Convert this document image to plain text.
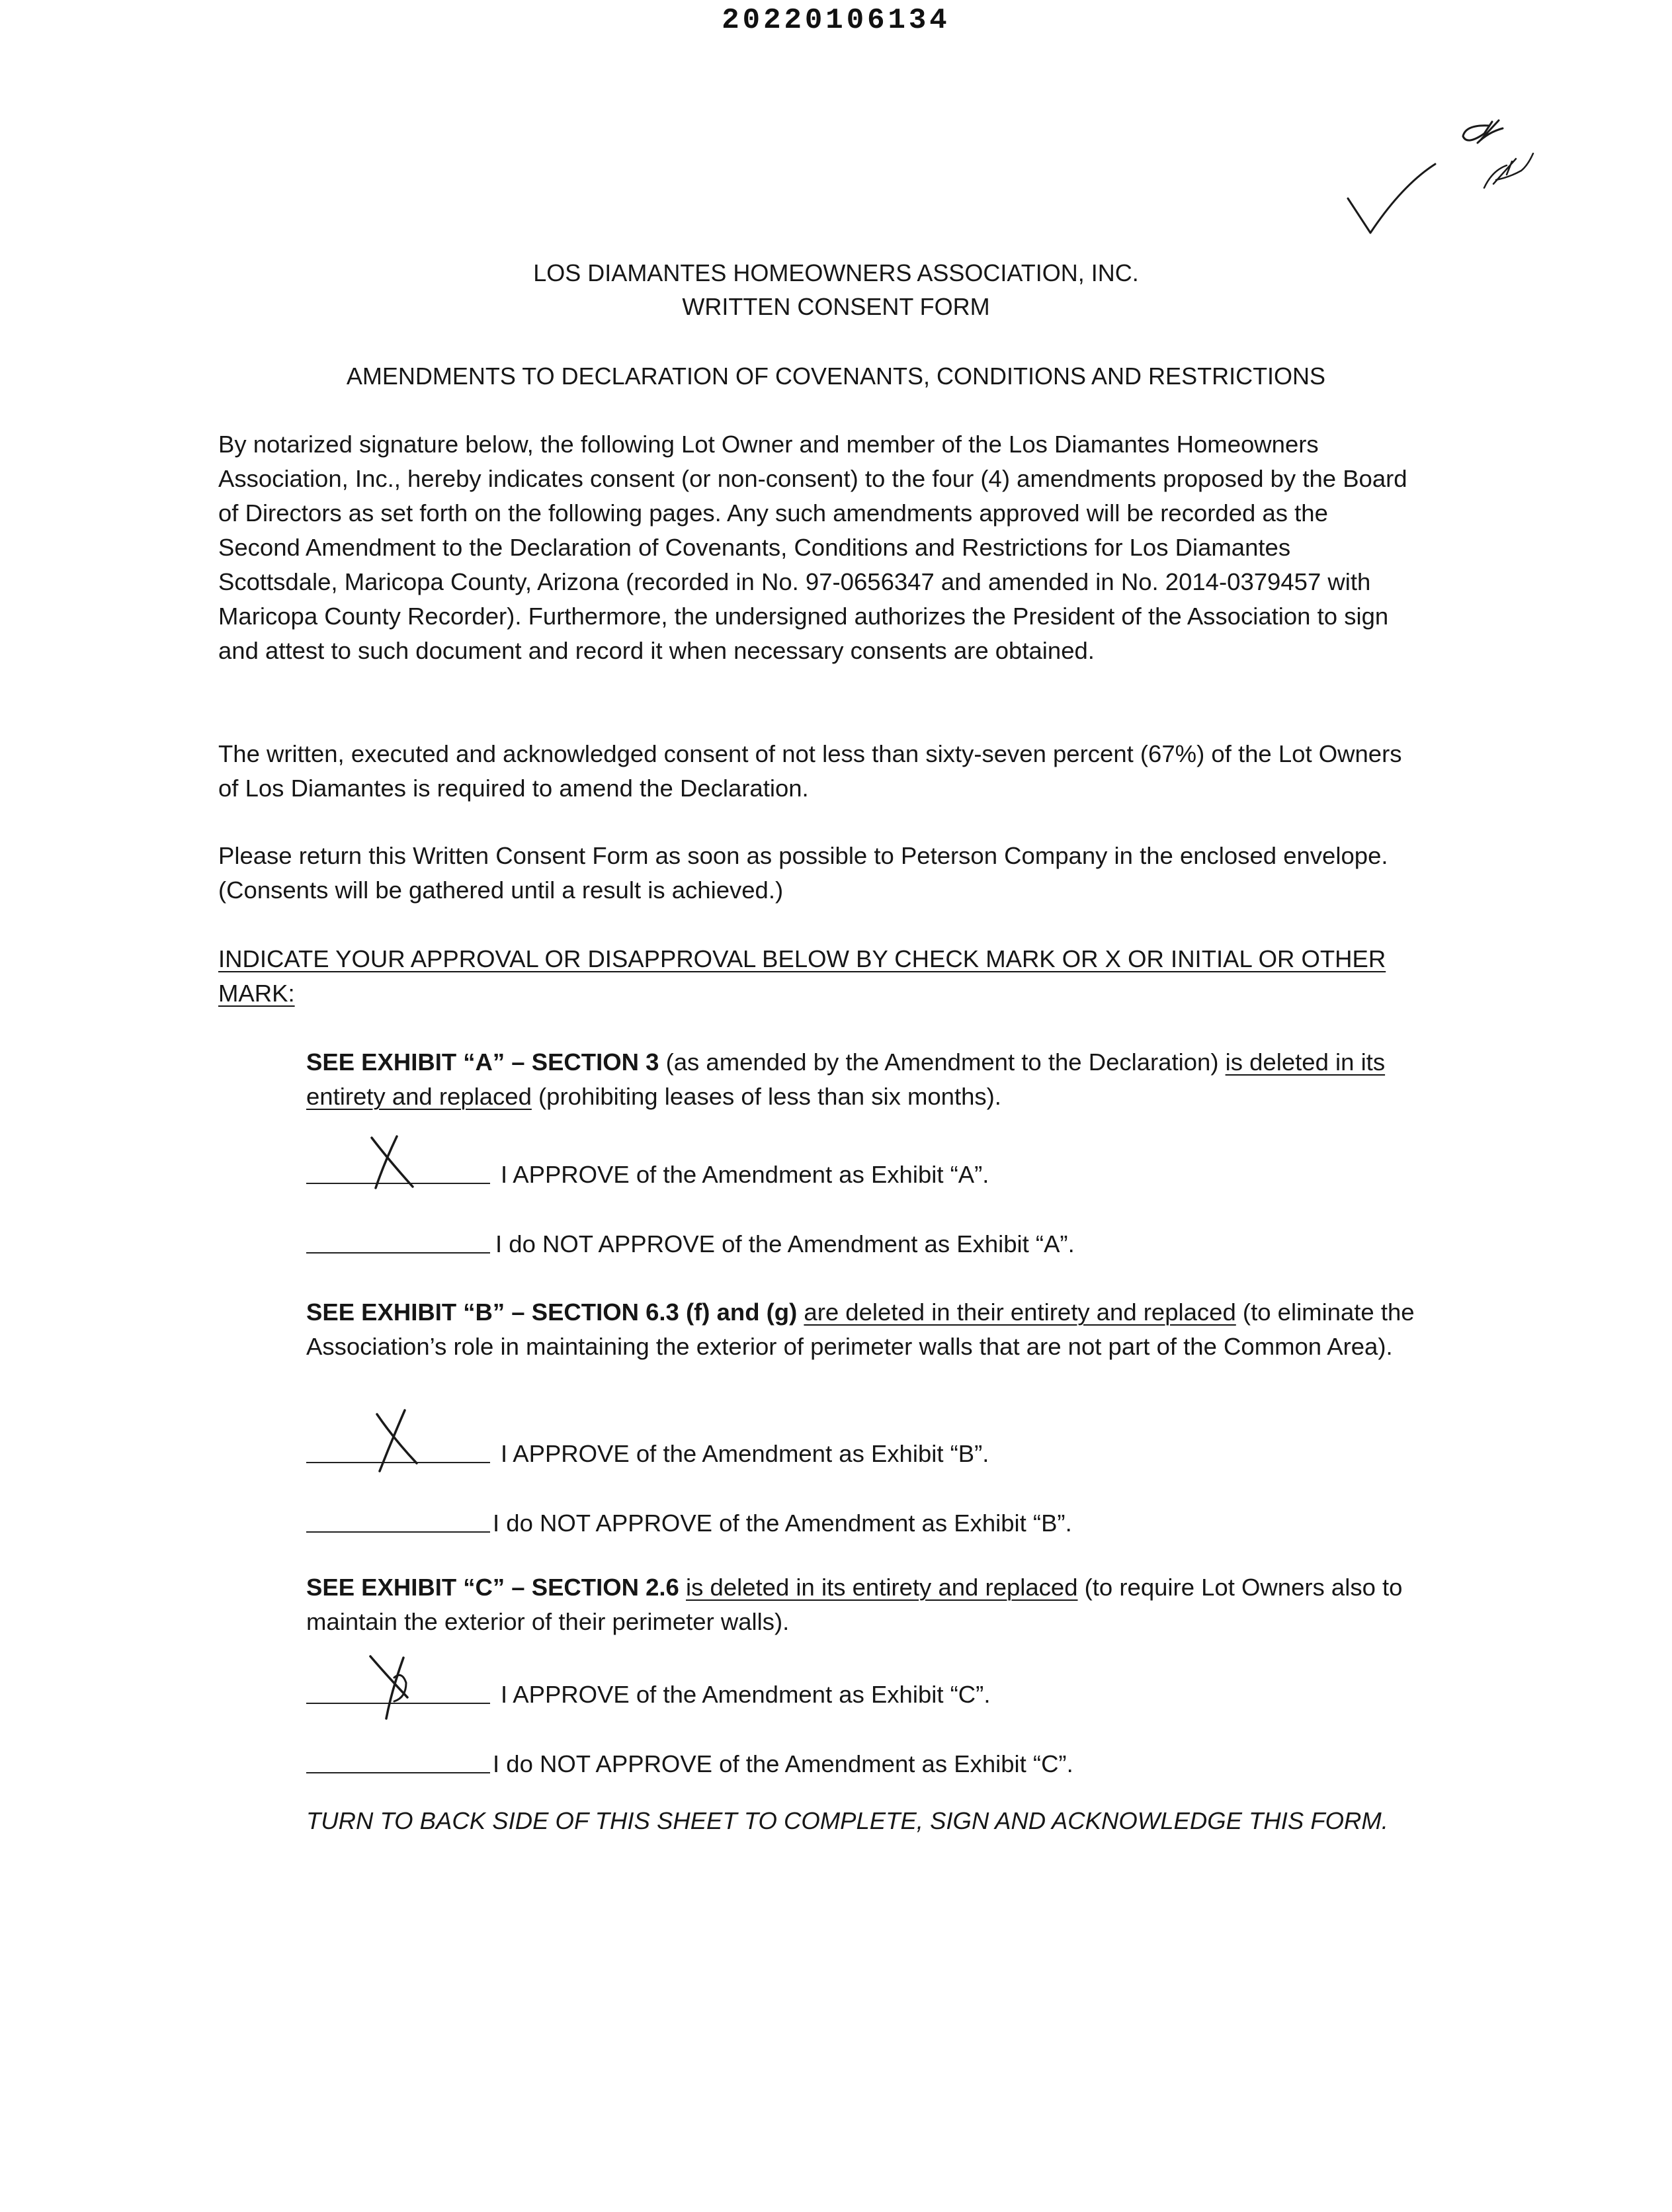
20220106134
LOS DIAMANTES HOMEOWNERS ASSOCIATION, INC.
WRITTEN CONSENT FORM
AMENDMENTS TO DECLARATION OF COVENANTS, CONDITIONS AND RESTRICTIONS
By notarized signature below, the following Lot Owner and member of the Los Diamantes Homeowners Association, Inc., hereby indicates consent (or non-consent) to the four (4) amendments proposed by the Board of Directors as set forth on the following pages. Any such amendments approved will be recorded as the Second Amendment to the Declaration of Covenants, Conditions and Restrictions for Los Diamantes Scottsdale, Maricopa County, Arizona (recorded in No. 97-0656347 and amended in No. 2014-0379457 with Maricopa County Recorder). Furthermore, the undersigned authorizes the President of the Association to sign and attest to such document and record it when necessary consents are obtained.
The written, executed and acknowledged consent of not less than sixty-seven percent (67%) of the Lot Owners of Los Diamantes is required to amend the Declaration.
Please return this Written Consent Form as soon as possible to Peterson Company in the enclosed envelope. (Consents will be gathered until a result is achieved.)
INDICATE YOUR APPROVAL OR DISAPPROVAL BELOW BY CHECK MARK OR X OR INITIAL OR OTHER MARK:
SEE EXHIBIT “A” – SECTION 3 (as amended by the Amendment to the Declaration) is deleted in its entirety and replaced (prohibiting leases of less than six months).
I APPROVE of the Amendment as Exhibit “A”.
I do NOT APPROVE of the Amendment as Exhibit “A”.
SEE EXHIBIT “B” – SECTION 6.3 (f) and (g) are deleted in their entirety and replaced (to eliminate the Association’s role in maintaining the exterior of perimeter walls that are not part of the Common Area).
I APPROVE of the Amendment as Exhibit “B”.
I do NOT APPROVE of the Amendment as Exhibit “B”.
SEE EXHIBIT “C” – SECTION 2.6 is deleted in its entirety and replaced (to require Lot Owners also to maintain the exterior of their perimeter walls).
I APPROVE of the Amendment as Exhibit “C”.
I do NOT APPROVE of the Amendment as Exhibit “C”.
TURN TO BACK SIDE OF THIS SHEET TO COMPLETE, SIGN AND ACKNOWLEDGE THIS FORM.
